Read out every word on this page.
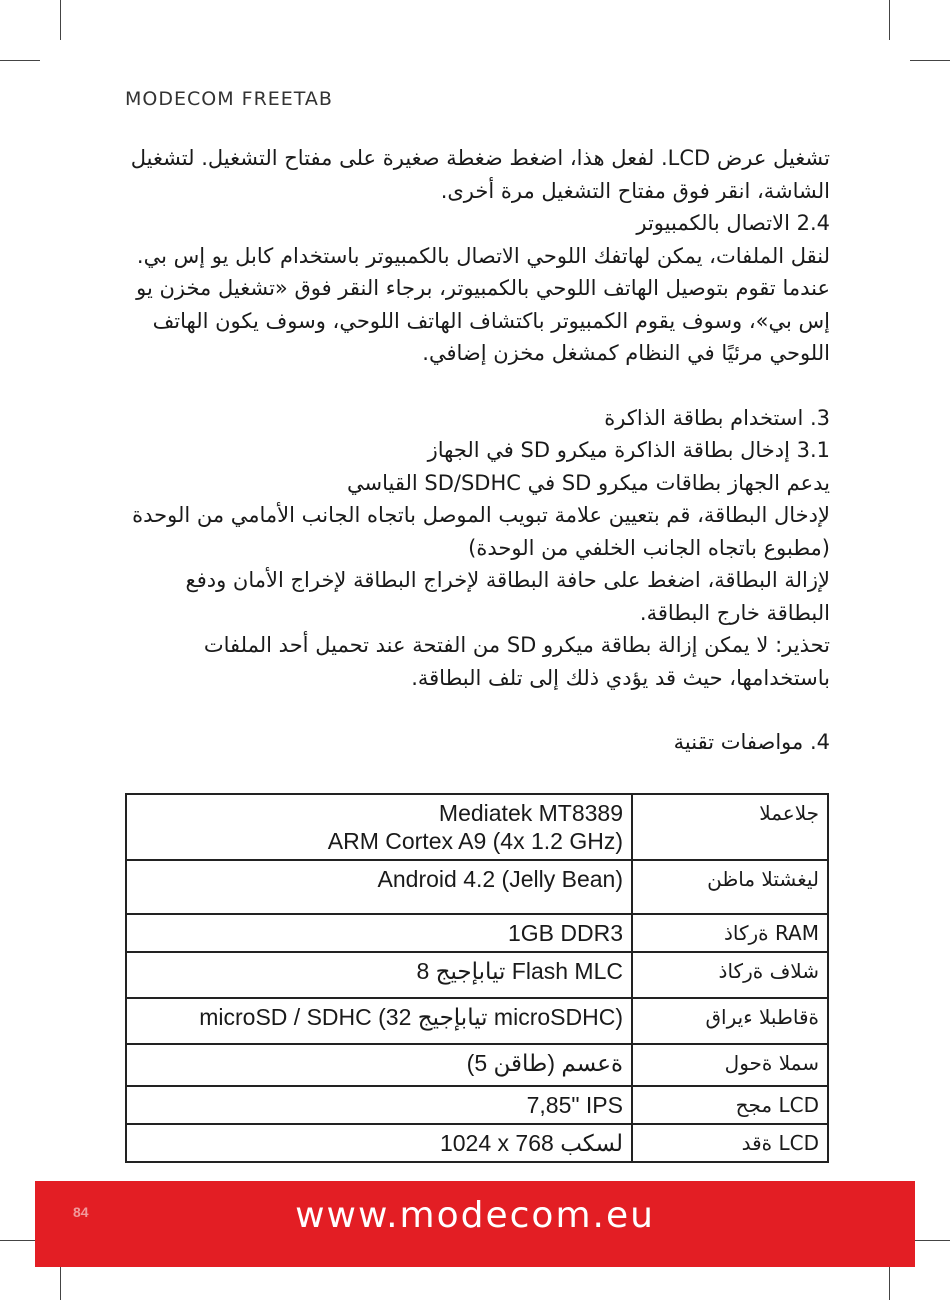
MODECOM FREETAB

تشغيل عرض LCD. لفعل هذا، اضغط ضغطة صغيرة على مفتاح التشغيل. لتشغيل الشاشة، انقر فوق مفتاح التشغيل مرة أخرى.

2.4 الاتصال بالكمبيوتر

لنقل الملفات، يمكن لهاتفك اللوحي الاتصال بالكمبيوتر باستخدام كابل يو إس بي. عندما تقوم بتوصيل الهاتف اللوحي بالكمبيوتر، برجاء النقر فوق «تشغيل مخزن يو إس بي»، وسوف يقوم الكمبيوتر باكتشاف الهاتف اللوحي، وسوف يكون الهاتف اللوحي مرئيًا في النظام كمشغل مخزن إضافي.

3. استخدام بطاقة الذاكرة

3.1 إدخال بطاقة الذاكرة ميكرو SD في الجهاز

يدعم الجهاز بطاقات ميكرو SD في SD/SDHC القياسي

لإدخال البطاقة، قم بتعيين علامة تبويب الموصل باتجاه الجانب الأمامي من الوحدة (مطبوع باتجاه الجانب الخلفي من الوحدة)

لإزالة البطاقة، اضغط على حافة البطاقة لإخراج البطاقة لإخراج الأمان ودفع البطاقة خارج البطاقة.

تحذير: لا يمكن إزالة بطاقة ميكرو SD من الفتحة عند تحميل أحد الملفات باستخدامها، حيث قد يؤدي ذلك إلى تلف البطاقة.

4. مواصفات تقنية

Mediatek MT8389
ARM Cortex A9 (4x 1.2 GHz)	جلاعملا
Android 4.2 (Jelly Bean)	ليغشتلا ماظن
1GB DDR3	RAM ةركاذ
8 تيابإجيج Flash MLC	شلاف ةركاذ
microSD / SDHC (32 تيابإجيج microSDHC)	ةقاطبلا ءيراق
(طاقن 5) ةعسم	سملا ةحول
7,85" IPS	LCD مجح
1024 x 768 لسكب	LCD ةقد
84	www.modecom.eu
